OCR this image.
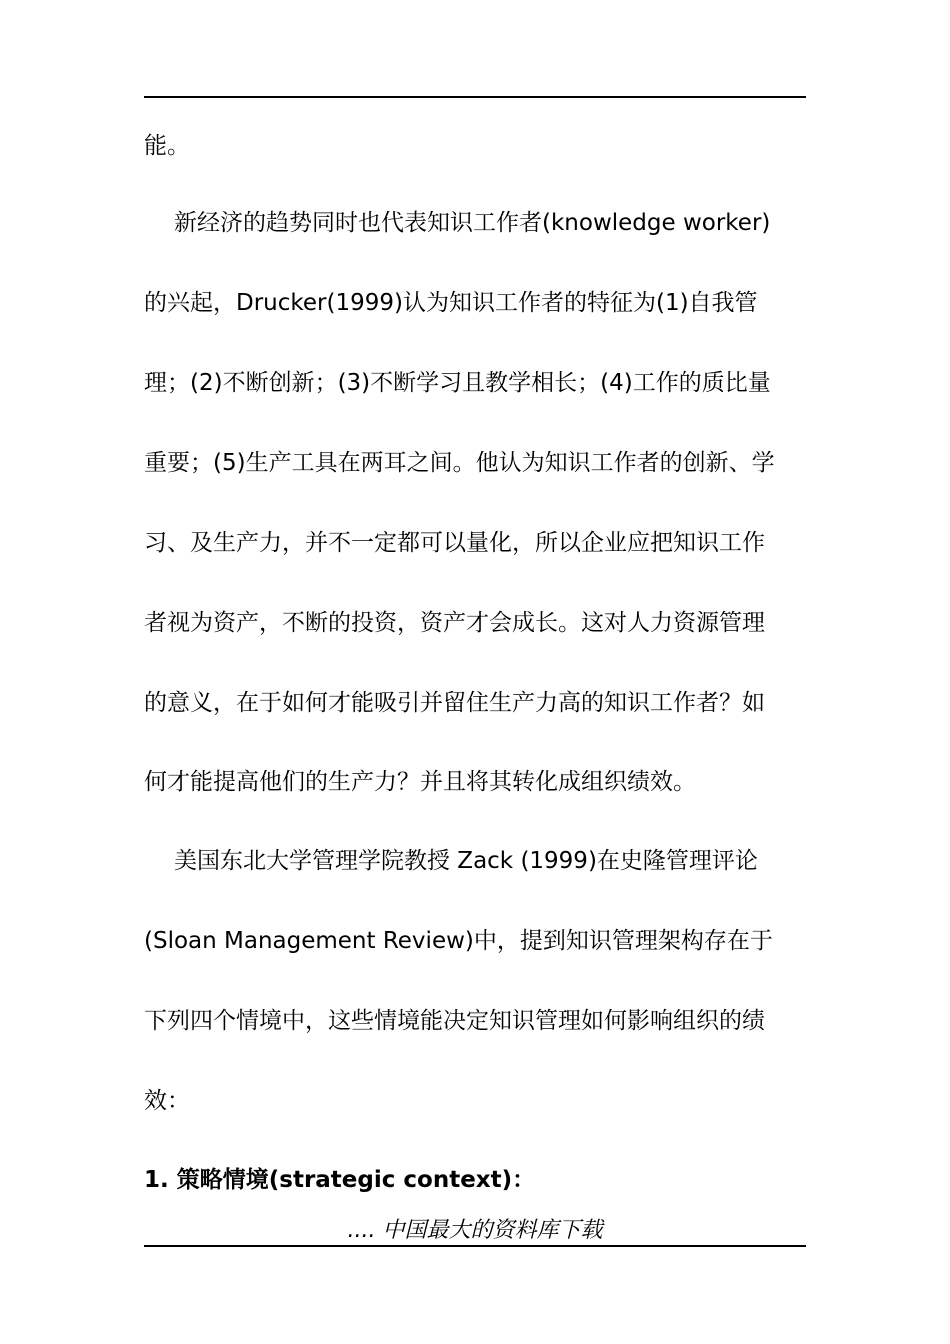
能。
新经济的趋势同时也代表知识工作者(knowledge worker)
的兴起，Drucker(1999)认为知识工作者的特征为(1)自我管
理；(2)不断创新；(3)不断学习且教学相长；(4)工作的质比量
重要；(5)生产工具在两耳之间。他认为知识工作者的创新、学
习、及生产力，并不一定都可以量化，所以企业应把知识工作
者视为资产，不断的投资，资产才会成长。这对人力资源管理
的意义，在于如何才能吸引并留住生产力高的知识工作者？如
何才能提高他们的生产力？并且将其转化成组织绩效。
美国东北大学管理学院教授 Zack (1999)在史隆管理评论
(Sloan Management Review)中，提到知识管理架构存在于
下列四个情境中，这些情境能决定知识管理如何影响组织的绩
效：
1. 策略情境(strategic context)：
.... 中国最大的资料库下载
